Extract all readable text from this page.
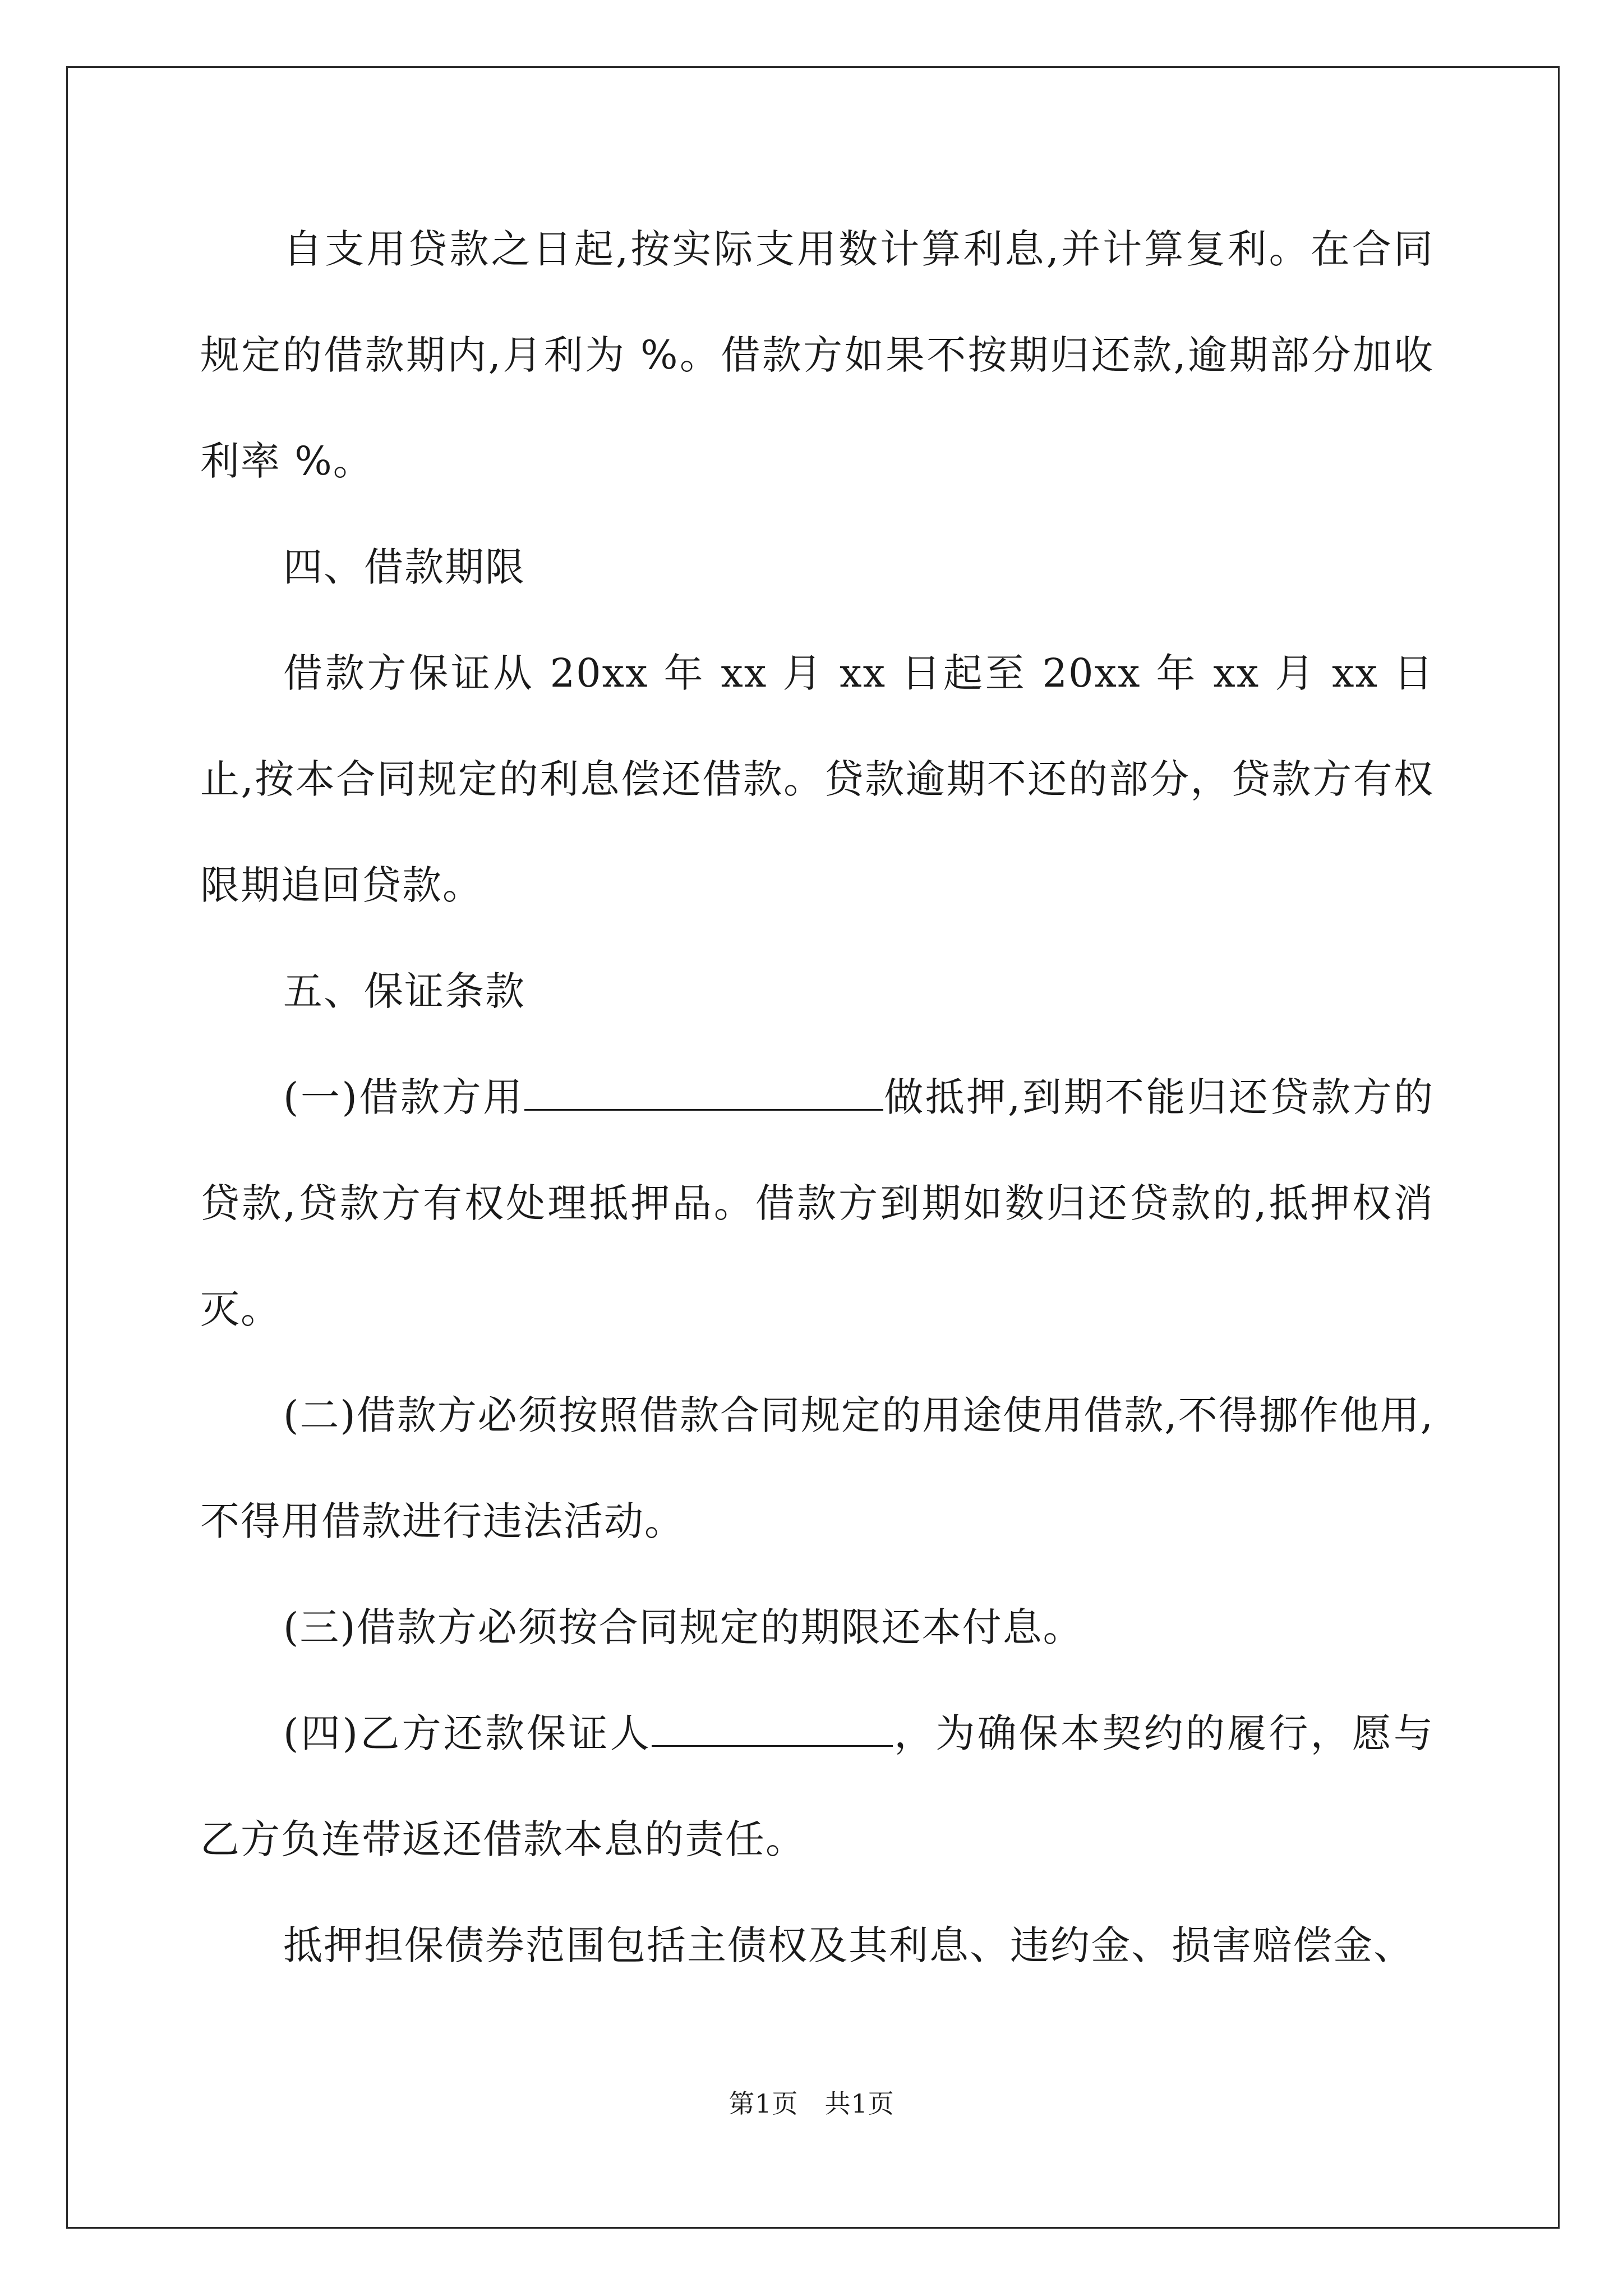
自支用贷款之日起,按实际支用数计算利息,并计算复利。在合同规定的借款期内,月利为 %。借款方如果不按期归还款,逾期部分加收利率 %。

四、借款期限

借款方保证从 20xx 年 xx 月 xx 日起至 20xx 年 xx 月 xx 日止,按本合同规定的利息偿还借款。贷款逾期不还的部分，贷款方有权限期追回贷款。

五、保证条款

(一)借款方用	做抵押,到期不能归还贷款方的贷款,贷款方有权处理抵押品。借款方到期如数归还贷款的,抵押权消灭。

(二)借款方必须按照借款合同规定的用途使用借款,不得挪作他用,不得用借款进行违法活动。

(三)借款方必须按合同规定的期限还本付息。

(四)乙方还款保证人	，为确保本契约的履行，愿与乙方负连带返还借款本息的责任。

抵押担保债券范围包括主债权及其利息、违约金、损害赔偿金、

第1页　共1页
